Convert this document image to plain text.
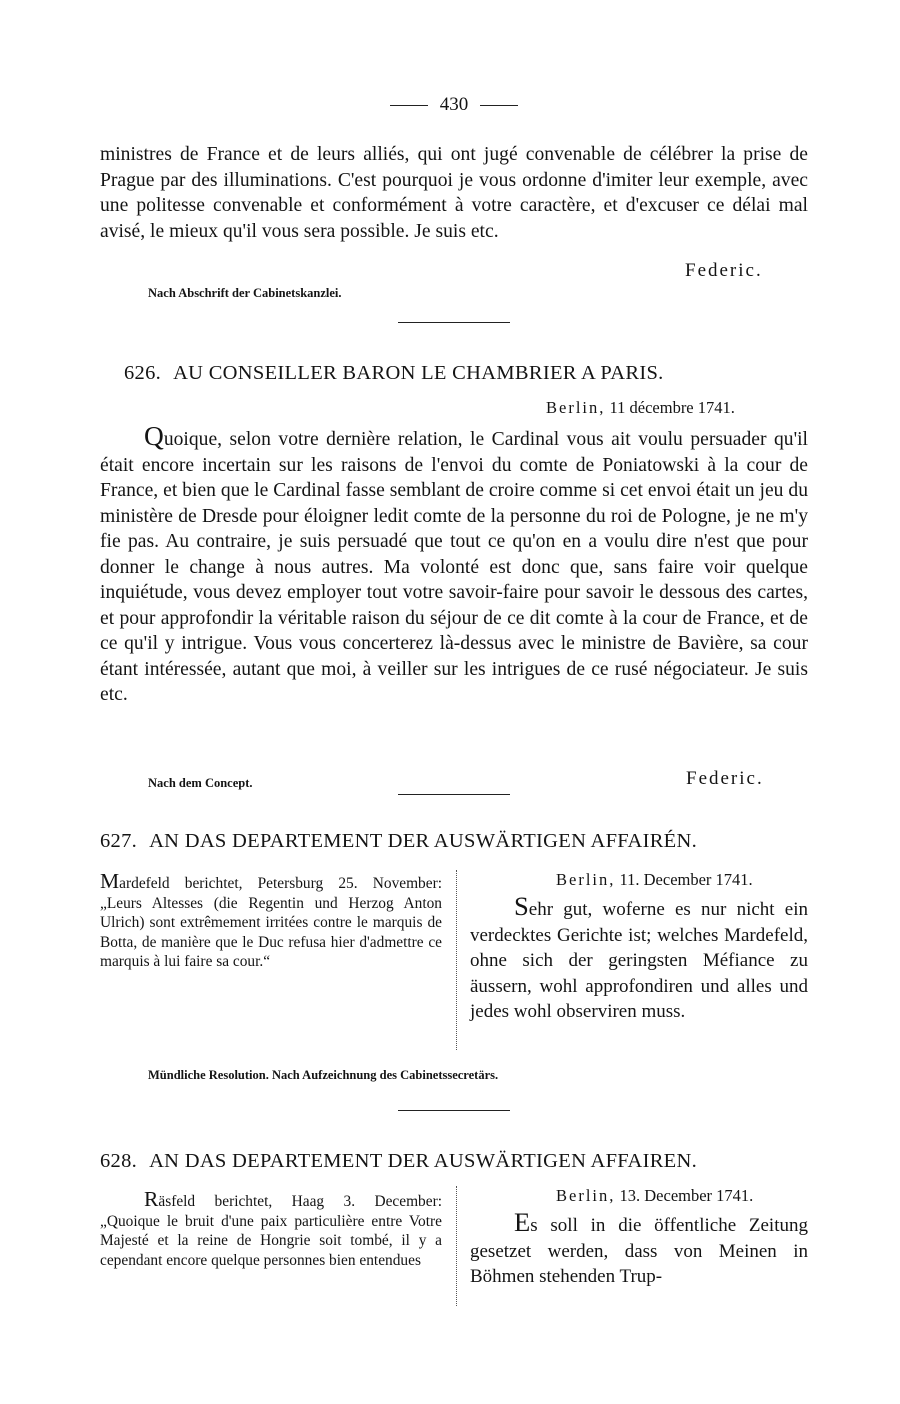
430

ministres de France et de leurs alliés, qui ont jugé convenable de célébrer la prise de Prague par des illuminations. C'est pourquoi je vous ordonne d'imiter leur exemple, avec une politesse convenable et conformément à votre caractère, et d'excuser ce délai mal avisé, le mieux qu'il vous sera possible. Je suis etc.

Federic.
Nach Abschrift der Cabinetskanzlei.
626. AU CONSEILLER BARON LE CHAMBRIER A PARIS.
Berlin, 11 décembre 1741.

Quoique, selon votre dernière relation, le Cardinal vous ait voulu persuader qu'il était encore incertain sur les raisons de l'envoi du comte de Poniatowski à la cour de France, et bien que le Cardinal fasse semblant de croire comme si cet envoi était un jeu du ministère de Dresde pour éloigner ledit comte de la personne du roi de Pologne, je ne m'y fie pas. Au contraire, je suis persuadé que tout ce qu'on en a voulu dire n'est que pour donner le change à nous autres. Ma volonté est donc que, sans faire voir quelque inquiétude, vous devez employer tout votre savoir-faire pour savoir le dessous des cartes, et pour approfondir la véritable raison du séjour de ce dit comte à la cour de France, et de ce qu'il y intrigue. Vous vous concerterez là-dessus avec le ministre de Bavière, sa cour étant intéressée, autant que moi, à veiller sur les intrigues de ce rusé négociateur. Je suis etc.

Nach dem Concept.	Federic.
627. AN DAS DEPARTEMENT DER AUSWÄRTIGEN AFFAIRÉN.
Mardefeld berichtet, Petersburg 25. November: „Leurs Altesses (die Regentin und Herzog Anton Ulrich) sont extrêmement irritées contre le marquis de Botta, de manière que le Duc refusa hier d'admettre ce marquis à lui faire sa cour.“
Berlin, 11. December 1741.
Sehr gut, woferne es nur nicht ein verdecktes Gerichte ist; welches Mardefeld, ohne sich der geringsten Méfiance zu äussern, wohl approfondiren und alles und jedes wohl observiren muss.
Mündliche Resolution. Nach Aufzeichnung des Cabinetssecretärs.
628. AN DAS DEPARTEMENT DER AUSWÄRTIGEN AFFAIREN.
Räsfeld berichtet, Haag 3. December: „Quoique le bruit d'une paix particulière entre Votre Majesté et la reine de Hongrie soit tombé, il y a cependant encore quelque personnes bien entendues
Berlin, 13. December 1741.
Es soll in die öffentliche Zeitung gesetzet werden, dass von Meinen in Böhmen stehenden Trup-
